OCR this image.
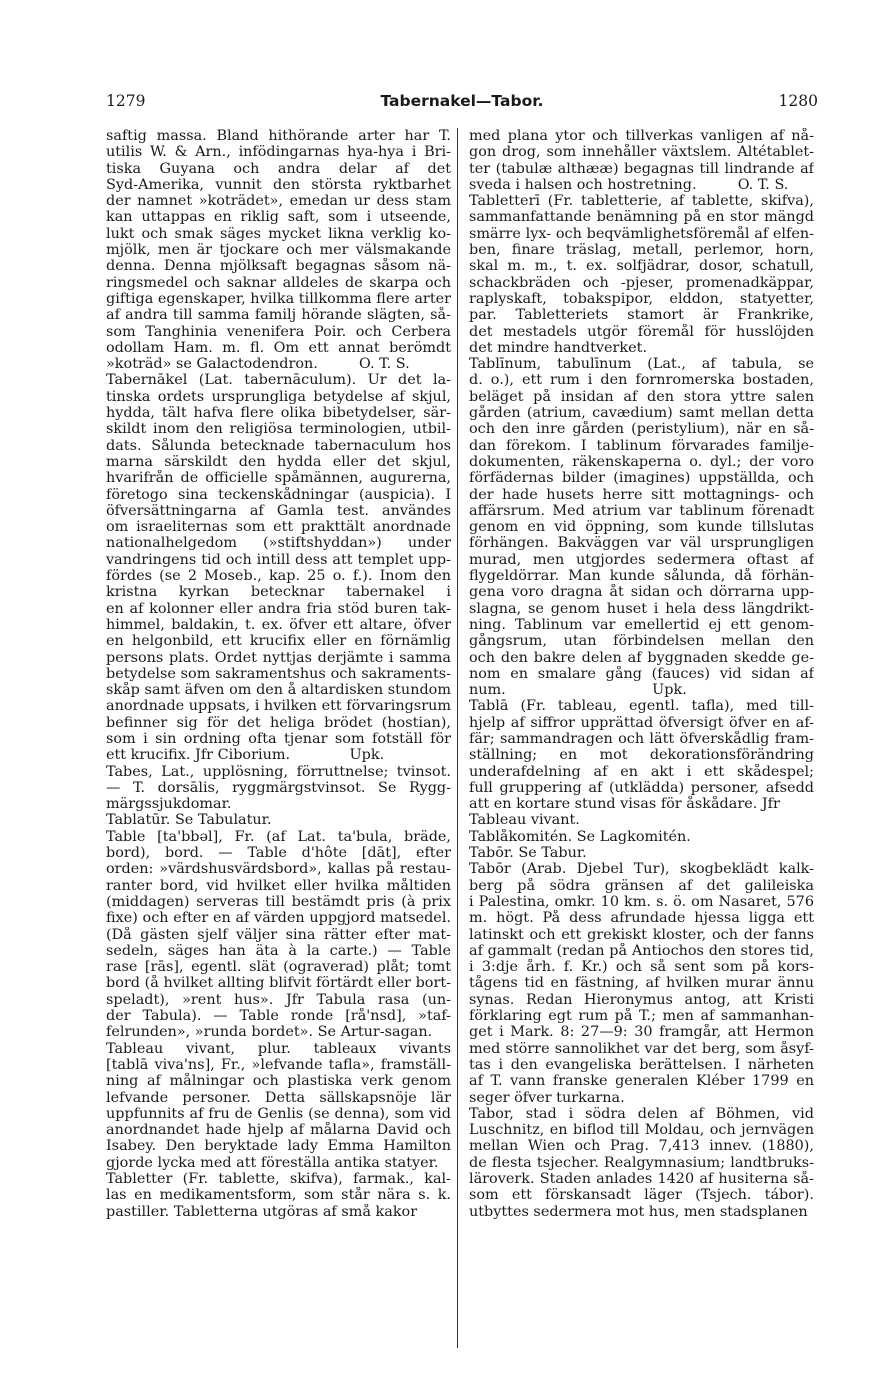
1279	Tabernakel—Tabor.	1280
saftig massa. Bland hithörande arter har T.
utilis W. & Arn., infödingarnas hya-hya i Bri-
tiska Guyana och andra delar af det
Syd-Amerika, vunnit den största ryktbarhet
der namnet »koträdet», emedan ur dess stam
kan uttappas en riklig saft, som i utseende,
lukt och smak säges mycket likna verklig ko-
mjölk, men är tjockare och mer välsmakande
denna. Denna mjölksaft begagnas såsom nä-
ringsmedel och saknar alldeles de skarpa och
giftiga egenskaper, hvilka tillkomma flere arter
af andra till samma familj hörande slägten, så-
som Tanghinia venenifera Poir. och Cerbera
odollam Ham. m. fl. Om ett annat berömdt
»koträd» se Galactodendron.         O. T. S.
Tabernākel (Lat. tabernāculum). Ur det la-
tinska ordets ursprungliga betydelse af skjul,
hydda, tält hafva flere olika bibetydelser, sär-
skildt inom den religiösa terminologien, utbil-
dats. Sålunda betecknade tabernaculum hos
marna särskildt den hydda eller det skjul,
hvarifrån de officielle spåmännen, augurerna,
företogo sina teckenskådningar (auspicia). I
öfversättningarna af Gamla test. användes
om israeliternas som ett prakttält anordnade
nationalhelgedom (»stiftshyddan») under
vandringens tid och intill dess att templet upp-
fördes (se 2 Moseb., kap. 25 o. f.). Inom den
kristna kyrkan betecknar tabernakel i
en af kolonner eller andra fria stöd buren tak-
himmel, baldakin, t. ex. öfver ett altare, öfver
en helgonbild, ett krucifix eller en förnämlig
persons plats. Ordet nyttjas derjämte i samma
betydelse som sakramentshus och sakraments-
skåp samt äfven om den å altardisken stundom
anordnade uppsats, i hvilken ett förvaringsrum
befinner sig för det heliga brödet (hostian),
som i sin ordning ofta tjenar som fotställ för
ett krucifix. Jfr Ciborium.             Upk.
Tabes, Lat., upplösning, förruttnelse; tvinsot.
— T. dorsālis, ryggmärgstvinsot. Se Rygg-
märgssjukdomar.
Tablatūr. Se Tabulatur.
Table [ta'bbəl], Fr. (af Lat. ta'bula, bräde,
bord), bord. — Table d'hôte [dāt], efter
orden: »värdshusvärdsbord», kallas på restau-
ranter bord, vid hvilket eller hvilka måltiden
(middagen) serveras till bestämdt pris (à prix
fixe) och efter en af värden uppgjord matsedel.
(Då gästen sjelf väljer sina rätter efter mat-
sedeln, säges han äta à la carte.) — Table
rase [rās], egentl. slät (ograverad) plåt; tomt
bord (å hvilket allting blifvit förtärdt eller bort-
speladt), »rent hus». Jfr Tabula rasa (un-
der Tabula). — Table ronde [rå'nsd], »taf-
felrunden», »runda bordet». Se Artur-sagan.
Tableau vivant, plur. tableaux vivants
[tablā viva'ns], Fr., »lefvande tafla», framställ-
ning af målningar och plastiska verk genom
lefvande personer. Detta sällskapsnöje lär
uppfunnits af fru de Genlis (se denna), som vid
anordnandet hade hjelp af målarna David och
Isabey. Den beryktade lady Emma Hamilton
gjorde lycka med att föreställa antika statyer.
Tabletter (Fr. tablette, skifva), farmak., kal-
las en medikamentsform, som står nära s. k.
pastiller. Tabletterna utgöras af små kakor
med plana ytor och tillverkas vanligen af nå-
gon drog, som innehåller växtslem. Altétablet-
ter (tabulæ althææ) begagnas till lindrande af
sveda i halsen och hostretning.         O. T. S.
Tabletterī (Fr. tabletterie, af tablette, skifva),
sammanfattande benämning på en stor mängd
smärre lyx- och beqvämlighetsföremål af elfen-
ben, finare träslag, metall, perlemor, horn,
skal m. m., t. ex. solfjädrar, dosor, schatull,
schackbräden och -pjeser, promenadkäppar,
raplyskaft, tobakspipor, elddon, statyetter,
par. Tabletteriets stamort är Frankrike,
det mestadels utgör föremål för husslöjden
det mindre handtverket.
Tablīnum, tabulīnum (Lat., af tabula, se
d. o.), ett rum i den fornromerska bostaden,
beläget på insidan af den stora yttre salen
gården (atrium, cavædium) samt mellan detta
och den inre gården (peristylium), när en så-
dan förekom. I tablinum förvarades familje-
dokumenten, räkenskaperna o. dyl.; der voro
förfädernas bilder (imagines) uppställda, och
der hade husets herre sitt mottagnings- och
affärsrum. Med atrium var tablinum förenadt
genom en vid öppning, som kunde tillslutas
förhängen. Bakväggen var väl ursprungligen
murad, men utgjordes sedermera oftast af
flygeldörrar. Man kunde sålunda, då förhän-
gena voro dragna åt sidan och dörrarna upp-
slagna, se genom huset i hela dess längdrikt-
ning. Tablinum var emellertid ej ett genom-
gångsrum, utan förbindelsen mellan den
och den bakre delen af byggnaden skedde ge-
nom en smalare gång (fauces) vid sidan af
num.                                Upk.
Tablā (Fr. tableau, egentl. tafla), med till-
hjelp af siffror upprättad öfversigt öfver en af-
fär; sammandragen och lätt öfverskådlig fram-
ställning; en mot dekorationsförändring
underafdelning af en akt i ett skådespel;
full gruppering af (utklädda) personer, afsedd
att en kortare stund visas för åskådare. Jfr
Tableau vivant.
Tablåkomitén. Se Lagkomitén.
Tabōr. Se Tabur.
Tabōr (Arab. Djebel Tur), skogbeklädt kalk-
berg på södra gränsen af det galileiska
i Palestina, omkr. 10 km. s. ö. om Nasaret, 576
m. högt. På dess afrundade hjessa ligga ett
latinskt och ett grekiskt kloster, och der fanns
af gammalt (redan på Antiochos den stores tid,
i 3:dje årh. f. Kr.) och så sent som på kors-
tågens tid en fästning, af hvilken murar ännu
synas. Redan Hieronymus antog, att Kristi
förklaring egt rum på T.; men af sammanhan-
get i Mark. 8: 27—9: 30 framgår, att Hermon
med större sannolikhet var det berg, som åsyf-
tas i den evangeliska berättelsen. I närheten
af T. vann franske generalen Kléber 1799 en
seger öfver turkarna.
Tabor, stad i södra delen af Böhmen, vid
Luschnitz, en biflod till Moldau, och jernvägen
mellan Wien och Prag. 7,413 innev. (1880),
de flesta tsjecher. Realgymnasium; landtbruks-
läroverk. Staden anlades 1420 af husiterna så-
som ett förskansadt läger (Tsjech. tábor).
utbyttes sedermera mot hus, men stadsplanen
